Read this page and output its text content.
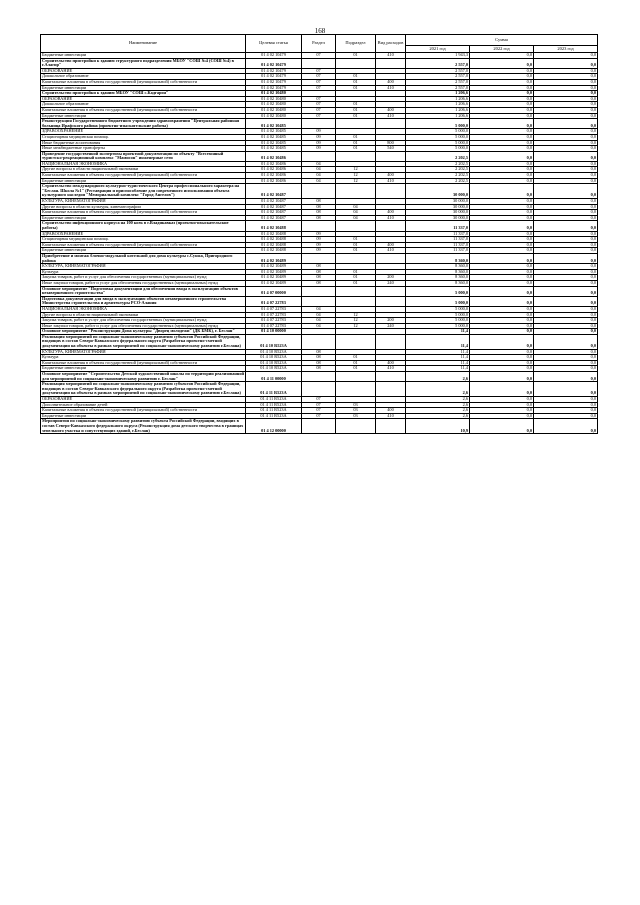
168
Наименование	Целевая статья	Раздел	Подраздел	Вид расходов	Сумма		
					2021 год	2022 год	2023 год
Бюджетные инвестиции	01 4 02 10479	07	01	410	1 943,3	0,0	0,0
Строительство пристройки к зданию структурного подразделения МБОУ "СОШ №4 (СОШ №4) в г.Алагир"	01 4 02 10479				2 557,0	0,0	0,0
ОБРАЗОВАНИЕ	01 4 02 10479	07			2 557,0	0,0	0,0
Дошкольное образование	01 4 02 10479	07	01		2 557,0	0,0	0,0
Капитальные вложения в объекты государственной (муниципальной) собственности	01 4 02 10479	07	01	400	2 557,0	0,0	0,0
Бюджетные инвестиции	01 4 02 10479	07	01	410	2 557,0	0,0	0,0
Строительство пристройки к зданию МБОУ "СОШ с.Кадгарон"	01 4 02 10480				1 206,6	0,0	0,0
ОБРАЗОВАНИЕ	01 4 02 10480	07			1 206,6	0,0	0,0
Дошкольное образование	01 4 02 10480	07	01		1 206,6	0,0	0,0
Капитальные вложения в объекты государственной (муниципальной) собственности	01 4 02 10480	07	01	400	1 206,6	0,0	0,0
Бюджетные инвестиции	01 4 02 10480	07	01	410	1 206,6	0,0	0,0
Реконструкция Государственного бюджетного учреждения здравоохранения "Центральная районная больница Ирафского района (проектно-изыскательские работы)	01 4 02 10485				5 000,0	0,0	0,0
ЗДРАВООХРАНЕНИЕ	01 4 02 10485	09			5 000,0	0,0	0,0
Стационарная медицинская помощь	01 4 02 10485	09	01		5 000,0	0,0	0,0
Иные бюджетные ассигнования	01 4 02 10485	09	01	800	5 000,0	0,0	0,0
Иные межбюджетные трансферты	01 4 02 10485	09	01	540	5 000,0	0,0	0,0
Проведение государственной экспертизы проектной документации по объекту "Всесезонный туристско-рекреационный комплекс "Мамисон" инженерные сети	01 4 02 10486				2 202,5	0,0	0,0
НАЦИОНАЛЬНАЯ ЭКОНОМИКА	01 4 02 10486	04			2 202,5	0,0	0,0
Другие вопросы в области национальной экономики	01 4 02 10486	04	12		2 202,5	0,0	0,0
Капитальные вложения в объекты государственной (муниципальной) собственности	01 4 02 10486	04	12	400	2 202,5	0,0	0,0
Бюджетные инвестиции	01 4 02 10486	04	12	410	2 202,5	0,0	0,0
Строительство международного культурно-туристического Центра профессионального характера на "Беслан. Школа №1" (Реставрация и приспособление для современного использования объекта культурного наследия "Мемориальный комплекс "Город Ангелов")	01 4 02 10487				30 000,0	0,0	0,0
КУЛЬТУРА, КИНЕМАТОГРАФИЯ	01 4 02 10487	08			30 000,0	0,0	0,0
Другие вопросы в области культуры, кинематографии	01 4 02 10487	08	04		30 000,0	0,0	0,0
Капитальные вложения в объекты государственной (муниципальной) собственности	01 4 02 10487	08	04	400	30 000,0	0,0	0,0
Бюджетные инвестиции	01 4 02 10487	08	04	410	30 000,0	0,0	0,0
Строительство инфекционного корпуса на 100 коек в г.Владикавказ (проектно-изыскательские работы)	01 4 02 10488				11 337,0	0,0	0,0
ЗДРАВООХРАНЕНИЕ	01 4 02 10488	09			11 337,0	0,0	0,0
Стационарная медицинская помощь	01 4 02 10488	09	01		11 337,0	0,0	0,0
Капитальные вложения в объекты государственной (муниципальной) собственности	01 4 02 10488	09	01	400	11 337,0	0,0	0,0
Бюджетные инвестиции	01 4 02 10488	09	01	410	11 337,0	0,0	0,0
Приобретение и монтаж блочно-модульной котельной для дома культуры с.Сунжа, Пригородного района	01 4 02 10489				8 360,0	0,0	0,0
КУЛЬТУРА, КИНЕМАТОГРАФИЯ	01 4 02 10489	08			8 360,0	0,0	0,0
Культура	01 4 02 10489	08	01		8 360,0	0,0	0,0
Закупка товаров, работ и услуг для обеспечения государственных (муниципальных) нужд	01 4 02 10489	08	01	200	8 360,0	0,0	0,0
Иные закупки товаров, работ и услуг для обеспечения государственных (муниципальных) нужд	01 4 02 10489	08	01	240	8 360,0	0,0	0,0
Основное мероприятие "Подготовка документации для обеспечения ввода в эксплуатацию объектов незавершенного строительства"	01 4 07 00000				5 000,0	0,0	0,0
Подготовка документации для ввода в эксплуатацию объектов незавершенного строительства Министерства строительства и архитектуры РСО-Алания	01 4 07 22783				5 000,0	0,0	0,0
НАЦИОНАЛЬНАЯ ЭКОНОМИКА	01 4 07 22783	04			5 000,0	0,0	0,0
Другие вопросы в области национальной экономики	01 4 07 22783	04	12		5 000,0	0,0	0,0
Закупка товаров, работ и услуг для обеспечения государственных (муниципальных) нужд	01 4 07 22783	04	12	200	5 000,0	0,0	0,0
Иные закупки товаров, работ и услуг для обеспечения государственных (муниципальных) нужд	01 4 07 22783	04	12	240	5 000,0	0,0	0,0
Основное мероприятие "Реконструкция Дома культуры "Дворец молодежи" (ДК БМК), г. Беслан"	01 4 10 00000				11,4	0,0	0,0
Реализация мероприятий по социально-экономическому развитию субъектов Российской Федерации, входящих в состав Северо-Кавказского федерального округа (Разработка проектно-сметной документации на объекты в рамках мероприятий по социально-экономическому развитию г.Беслана)	01 4 10 R523A				11,4	0,0	0,0
КУЛЬТУРА, КИНЕМАТОГРАФИЯ	01 4 10 R523A	08			11,4	0,0	0,0
Культура	01 4 10 R523A	08	01		11,4	0,0	0,0
Капитальные вложения в объекты государственной (муниципальной) собственности	01 4 10 R523A	08	01	400	11,4	0,0	0,0
Бюджетные инвестиции	01 4 10 R523A	08	01	410	11,4	0,0	0,0
Основное мероприятие "Строительство Детской художественной школы по территории реализованной для мероприятий по социально-экономическому развитию г. Беслан"	01 4 11 00000				2,6	0,0	0,0
Реализация мероприятий по социально-экономическому развитию субъектов Российской Федерации, входящих в состав Северо-Кавказского федерального округа (Разработка проектно-сметной документации на объекты в рамках мероприятий по социально-экономическому развитию г.Беслана)	01 4 11 R523A				2,6	0,0	0,0
ОБРАЗОВАНИЕ	01 4 11 R523A	07			2,6	0,0	0,0
Дополнительное образование детей	01 4 11 R523A	07	03		2,6	0,0	0,0
Капитальные вложения в объекты государственной (муниципальной) собственности	01 4 11 R523A	07	03	400	2,6	0,0	0,0
Бюджетные инвестиции	01 4 11 R523A	07	03	410	2,6	0,0	0,0
Мероприятия по социально-экономическому развитию субъекта Российской Федерации, входящих в состав Северо-Кавказского федерального округа (Реконструкция дома детского творчества в границах земельного участка и сопутствующих зданий, г.Беслан)	01 4 12 00000				10,9	0,0	0,0
